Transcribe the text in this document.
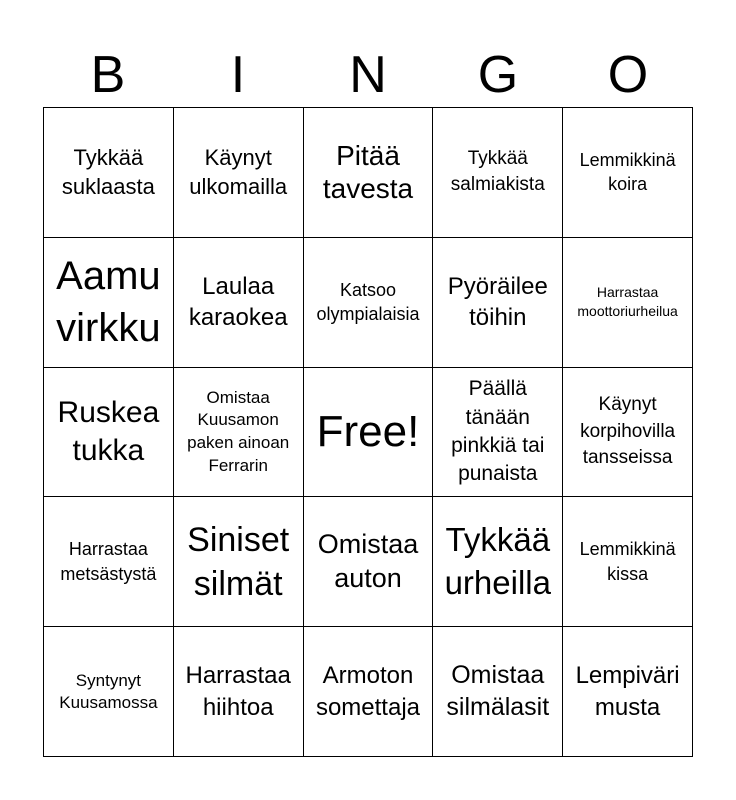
B	I	N	G	O
Tykkää suklaasta
Käynyt ulkomailla
Pitää tavesta
Tykkää salmiakista
Lemmikkinä koira
Aamu virkku
Laulaa karaokea
Katsoo olympialaisia
Pyöräilee töihin
Harrastaa moottoriurheilua
Ruskea tukka
Omistaa Kuusamon paken ainoan Ferrarin
Free!
Päällä tänään pinkkiä tai punaista
Käynyt korpihovilla tansseissa
Harrastaa metsästystä
Siniset silmät
Omistaa auton
Tykkää urheilla
Lemmikkinä kissa
Syntynyt Kuusamossa
Harrastaa hiihtoa
Armoton somettaja
Omistaa silmälasit
Lempiväri musta
